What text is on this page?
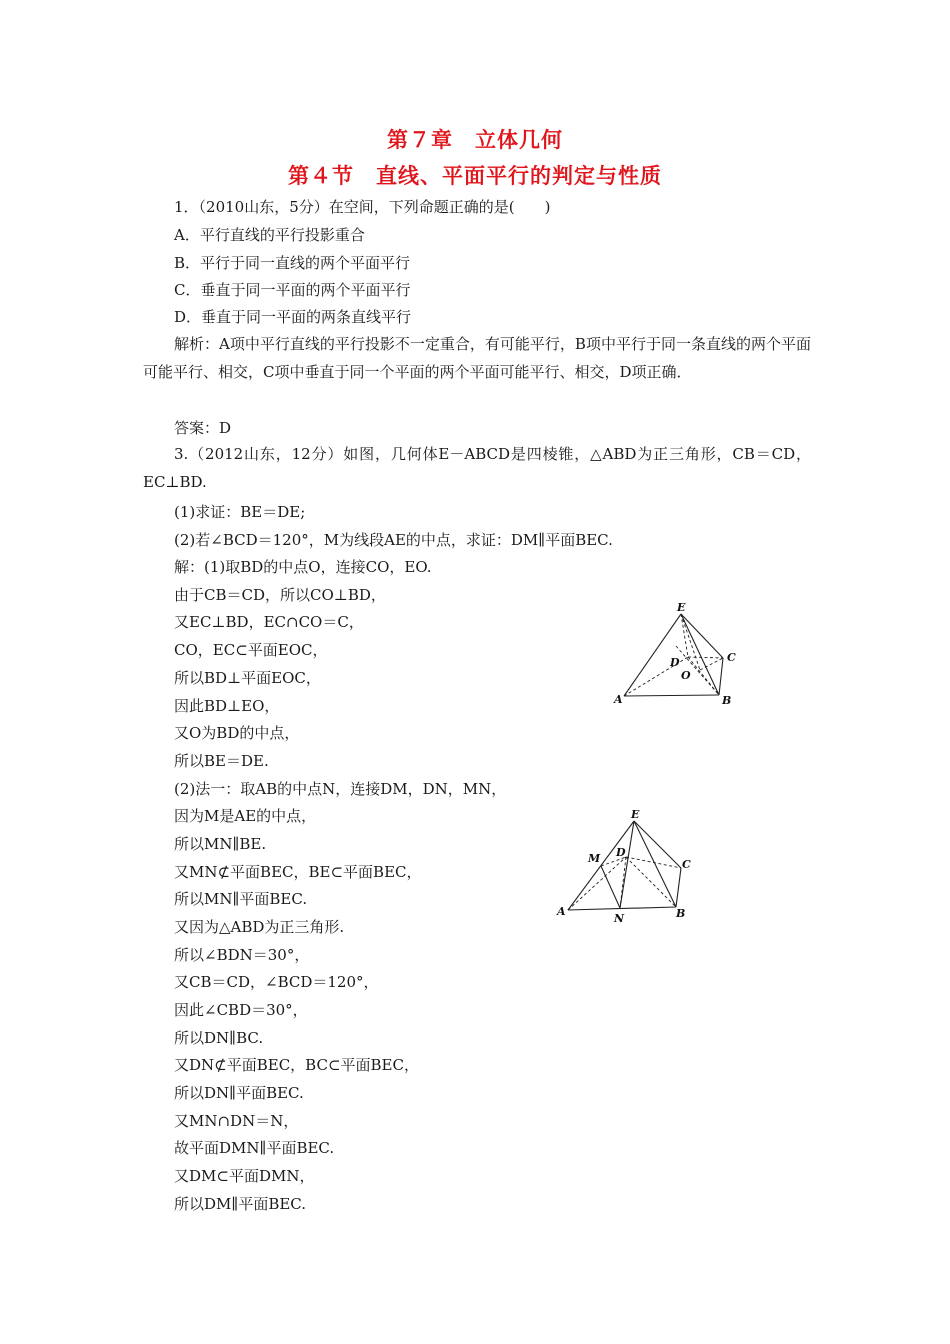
第７章　立体几何
第４节　直线、平面平行的判定与性质
1．（2010山东，5分）在空间，下列命题正确的是(　　)
A．平行直线的平行投影重合
B．平行于同一直线的两个平面平行
C．垂直于同一平面的两个平面平行
D．垂直于同一平面的两条直线平行
解析：A项中平行直线的平行投影不一定重合，有可能平行，B项中平行于同一条直线的两个平面可能平行、相交，C项中垂直于同一个平面的两个平面可能平行、相交，D项正确．
答案：D
3.（2012山东，12分）如图，几何体E－ABCD是四棱锥，△ABD为正三角形，CB＝CD，EC⊥BD.
(1)求证：BE＝DE;
(2)若∠BCD＝120°，M为线段AE的中点，求证：DM∥平面BEC.
解：(1)取BD的中点O，连接CO，EO.
由于CB＝CD，所以CO⊥BD，
又EC⊥BD，EC∩CO＝C，
CO，EC⊂平面EOC，
所以BD⊥平面EOC，
因此BD⊥EO，
又O为BD的中点，
所以BE＝DE.
(2)法一：取AB的中点N，连接DM，DN，MN，
因为M是AE的中点，
所以MN∥BE.
又MN⊄平面BEC，BE⊂平面BEC，
所以MN∥平面BEC.
又因为△ABD为正三角形.
所以∠BDN＝30°，
又CB＝CD，∠BCD＝120°，
因此∠CBD＝30°，
所以DN∥BC.
又DN⊄平面BEC，BC⊂平面BEC，
所以DN∥平面BEC.
又MN∩DN＝N，
故平面DMN∥平面BEC.
又DM⊂平面DMN，
所以DM∥平面BEC.
E
D	C
O
A	B
E
M D
C
A
N	B
